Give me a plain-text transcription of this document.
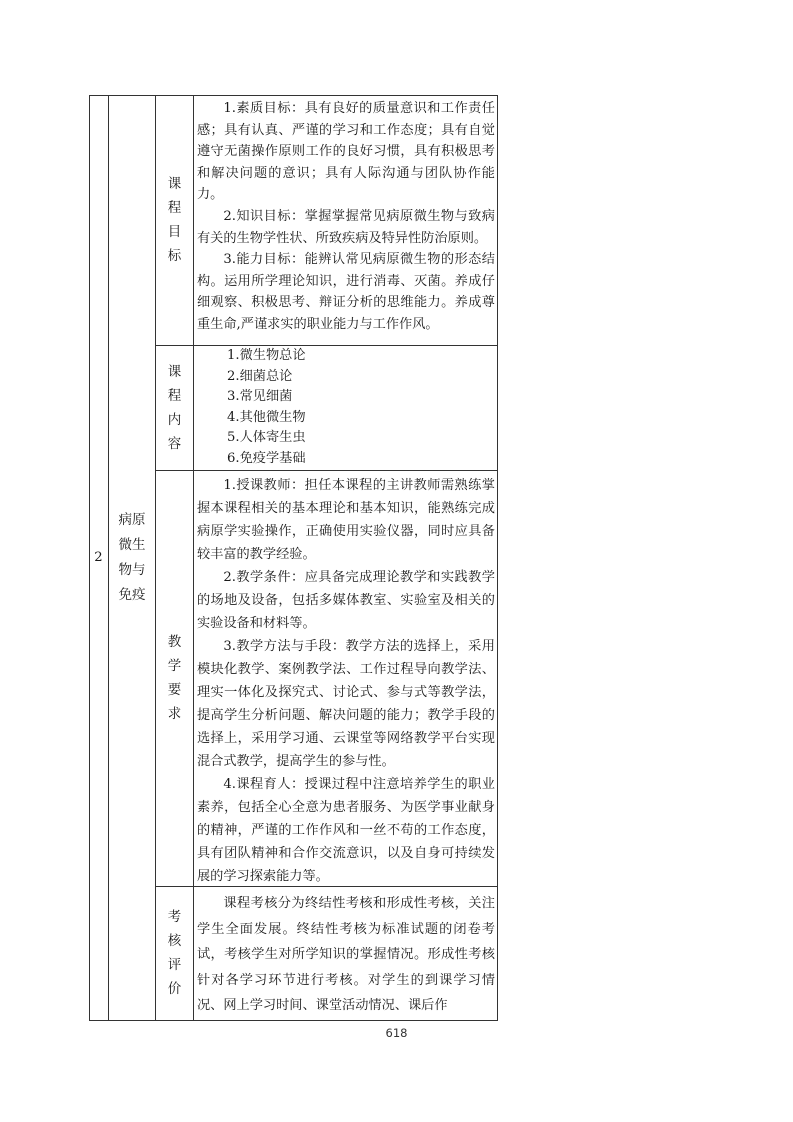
2
病原微生物与免疫
课程目标

1.素质目标：具有良好的质量意识和工作责任感；具有认真、严谨的学习和工作态度；具有自觉遵守无菌操作原则工作的良好习惯，具有积极思考和解决问题的意识；具有人际沟通与团队协作能力。

2.知识目标：掌握掌握常见病原微生物与致病有关的生物学性状、所致疾病及特异性防治原则。

3.能力目标：能辨认常见病原微生物的形态结构。运用所学理论知识，进行消毒、灭菌。养成仔细观察、积极思考、辩证分析的思维能力。养成尊重生命,严谨求实的职业能力与工作作风。

课程内容
1.微生物总论
2.细菌总论
3.常见细菌
4.其他微生物
5.人体寄生虫
6.免疫学基础
教学要求

1.授课教师：担任本课程的主讲教师需熟练掌握本课程相关的基本理论和基本知识，能熟练完成病原学实验操作，正确使用实验仪器，同时应具备较丰富的教学经验。

2.教学条件：应具备完成理论教学和实践教学的场地及设备，包括多媒体教室、实验室及相关的实验设备和材料等。

3.教学方法与手段：教学方法的选择上，采用模块化教学、案例教学法、工作过程导向教学法、理实一体化及探究式、讨论式、参与式等教学法，提高学生分析问题、解决问题的能力；教学手段的选择上，采用学习通、云课堂等网络教学平台实现混合式教学，提高学生的参与性。

4.课程育人：授课过程中注意培养学生的职业素养，包括全心全意为患者服务、为医学事业献身的精神，严谨的工作作风和一丝不苟的工作态度，具有团队精神和合作交流意识，以及自身可持续发展的学习探索能力等。

考核评价

课程考核分为终结性考核和形成性考核，关注学生全面发展。终结性考核为标准试题的闭卷考试，考核学生对所学知识的掌握情况。形成性考核针对各学习环节进行考核。对学生的到课学习情况、网上学习时间、课堂活动情况、课后作

618
